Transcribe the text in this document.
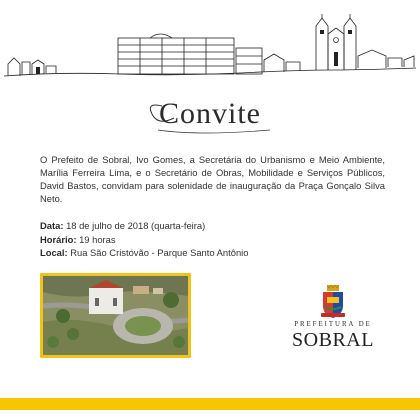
Convite
O Prefeito de Sobral, Ivo Gomes, a Secretária do Urbanismo e Meio Ambiente, Marília Ferreira Lima, e o Secretário de Obras, Mobilidade e Serviços Públicos, David Bastos, convidam para solenidade de inauguração da Praça Gonçalo Silva Neto.
Data: 18 de julho de 2018 (quarta-feira)
Horário: 19 horas
Local: Rua São Cristóvão - Parque Santo Antônio
PREFEITURA DE
SOBRAL
